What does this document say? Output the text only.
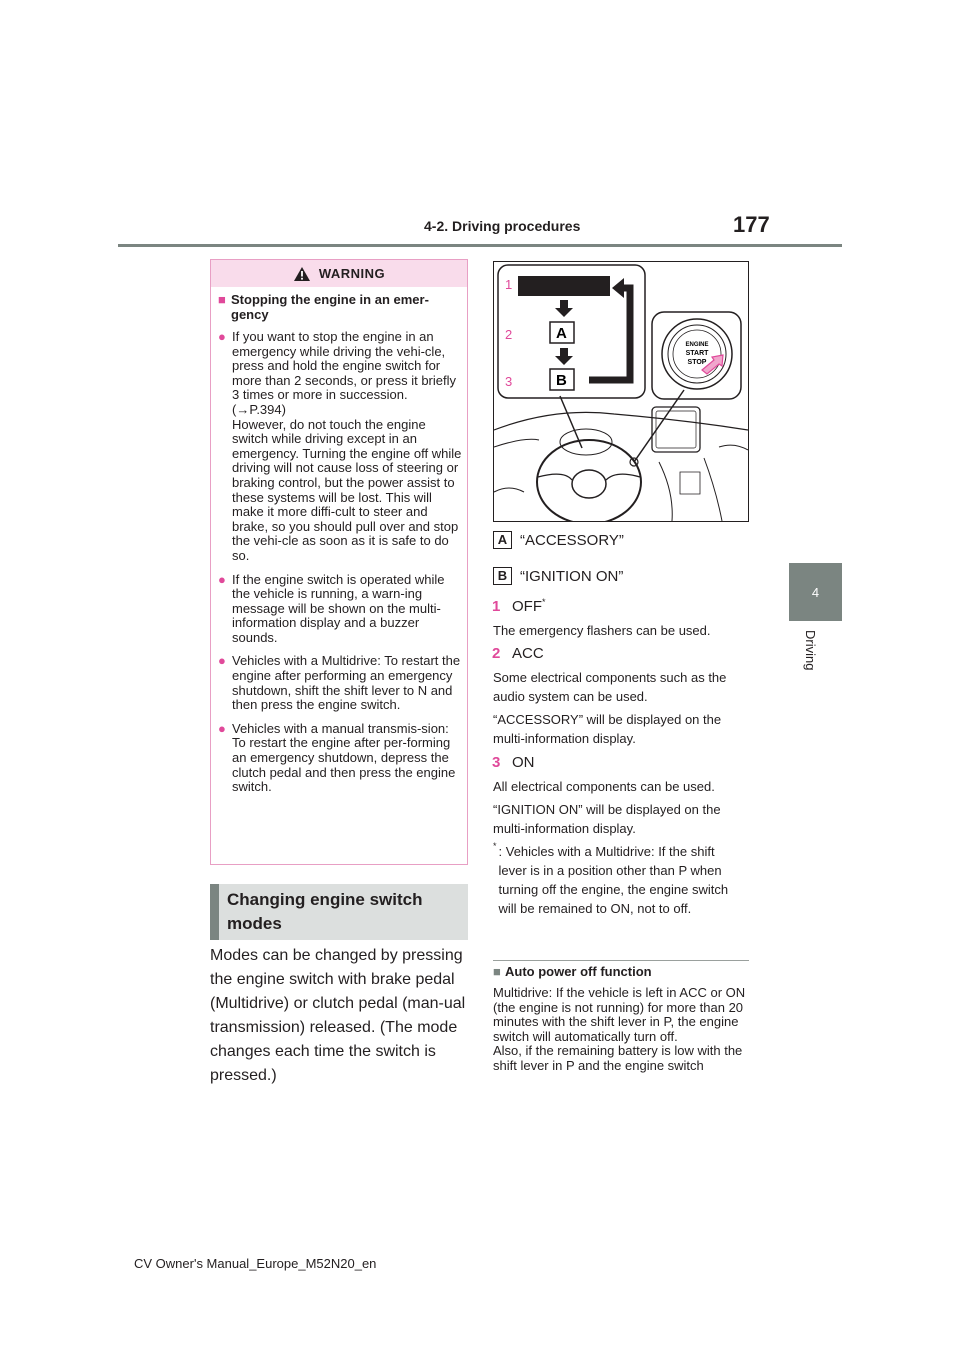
4-2. Driving procedures	177
4
Driving
WARNING
■ Stopping the engine in an emer-gency
● If you want to stop the engine in an emergency while driving the vehi-cle, press and hold the engine switch for more than 2 seconds, or press it briefly 3 times or more in succession. (→P.394)
However, do not touch the engine switch while driving except in an emergency. Turning the engine off while driving will not cause loss of steering or braking control, but the power assist to these systems will be lost. This will make it more diffi-cult to steer and brake, so you should pull over and stop the vehi-cle as soon as it is safe to do so.
● If the engine switch is operated while the vehicle is running, a warn-ing message will be shown on the multi-information display and a buzzer sounds.
● Vehicles with a Multidrive: To restart the engine after performing an emergency shutdown, shift the shift lever to N and then press the engine switch.
● Vehicles with a manual transmis-sion: To restart the engine after per-forming an emergency shutdown, depress the clutch pedal and then press the engine switch.
Changing engine switch modes
Modes can be changed by pressing the engine switch with brake pedal (Multidrive) or clutch pedal (man-ual transmission) released. (The mode changes each time the switch is pressed.)
1
2
3
A
B
ENGINE
START
STOP
A “ACCESSORY”
B “IGNITION ON”
1 OFF*
The emergency flashers can be used.
2 ACC
Some electrical components such as the audio system can be used.
“ACCESSORY” will be displayed on the multi-information display.
3 ON
All electrical components can be used.
“IGNITION ON” will be displayed on the multi-information display.
* : Vehicles with a Multidrive: If the shift lever is in a position other than P when turning off the engine, the engine switch will be remained to ON, not to off.
■ Auto power off function
Multidrive: If the vehicle is left in ACC or ON (the engine is not running) for more than 20 minutes with the shift lever in P, the engine switch will automatically turn off.
Also, if the remaining battery is low with the shift lever in P and the engine switch
CV Owner's Manual_Europe_M52N20_en
